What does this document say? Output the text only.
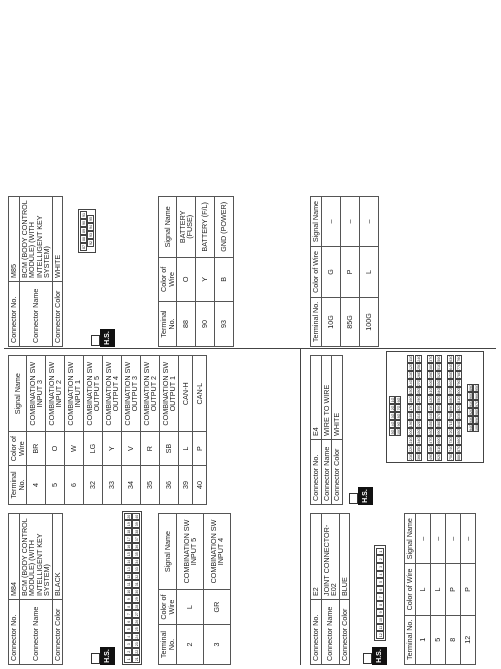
Connector No.	M84
Connector Name	BCM (BODY CONTROL MODULE) (WITH INTELLIGENT KEY SYSTEM)
Connector Color	BLACK
H.S.	1
2
3
4
5
6
7
8
9
10
11
12
13
14
15
16
17
18
19
20
21
22
23
24
25
26
27
28
29
30
31
32
33
34
35
36
37
38
39
40
Terminal No.	Color of Wire	Signal Name
2	L	COMBINATION SW INPUT 5
3	GR	COMBINATION SW INPUT 4
Terminal No.	Color of Wire	Signal Name
4	BR	COMBINATION SW INPUT 3
5	O	COMBINATION SW INPUT 2
6	W	COMBINATION SW INPUT 1
32	LG	COMBINATION SW OUTPUT 5
33	Y	COMBINATION SW OUTPUT 4
34	V	COMBINATION SW OUTPUT 3
35	R	COMBINATION SW OUTPUT 2
36	SB	COMBINATION SW OUTPUT 1
39	L	CAN-H
40	P	CAN-L
Connector No.	M85
Connector Name	BCM (BODY CONTROL MODULE) (WITH INTELLIGENT KEY SYSTEM)
Connector Color	WHITE
87
88
89
90
91
92
93
94
95
H.S.
Terminal No.	Color of Wire	Signal Name
88	O	BATTERY (FUSE)
90	Y	BATTERY (F/L)
93	B	GND (POWER)
Connector No.	E2
Connector Name	JOINT CONNECTOR-E02
Connector Color	BLUE
H.S.
12
11
10
9
8
7
6
5
4
3
2
1
Terminal No.	Color of Wire	Signal Name
1	L	–
5	L	–
8	P	–
12	P	–
Connector No.	E4
Connector Name	WIRE TO WIRE
Connector Color	WHITE
H.S.
5G
4G
3G
2G
1G
10G
9G
8G
7G
6G
23G
22G
21G
20G
19G
18G
17G
16G
15G
14G
13G
12G
11G
36G
35G
34G
33G
32G
31G
30G
29G
28G
27G
26G
25G
24G
49G
48G
47G
46G
45G
44G
43G
42G
41G
40G
39G
38G
37G
62G
61G
60G
59G
58G
57G
56G
55G
54G
53G
52G
51G
50G
75G
74G
73G
72G
71G
70G
69G
68G
67G
66G
65G
64G
63G
88G
87G
86G
85G
84G
83G
82G
81G
80G
79G
78G
77G
76G
94G
93G
92G
91G
90G
89G
100G
99G
98G
97G
96G
95G
Terminal No.	Color of Wire	Signal Name
10G	G	–
85G	P	–
100G	L	–
